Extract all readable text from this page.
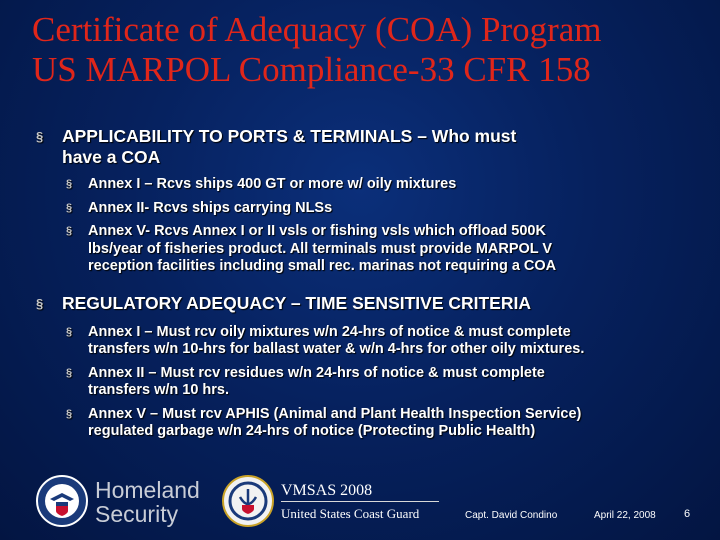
Certificate of Adequacy (COA) Program
US MARPOL Compliance-33 CFR 158
§ APPLICABILITY TO PORTS & TERMINALS – Who must
have a COA
§ Annex I – Rcvs ships 400 GT or more w/ oily mixtures
§ Annex II- Rcvs ships carrying NLSs
§ Annex V- Rcvs Annex I or II vsls or fishing vsls which offload 500K
lbs/year of fisheries product. All terminals must provide MARPOL V
reception facilities including small rec. marinas not requiring a COA
§ REGULATORY ADEQUACY – TIME SENSITIVE CRITERIA
§ Annex I – Must rcv oily mixtures w/n 24-hrs of notice & must complete
transfers w/n 10-hrs for ballast water & w/n 4-hrs for other oily mixtures.
§ Annex II – Must rcv residues w/n 24-hrs of notice & must complete
transfers w/n 10 hrs.
§ Annex V – Must rcv APHIS (Animal and Plant Health Inspection Service)
regulated garbage w/n 24-hrs of notice (Protecting Public Health)
Homeland
Security
VMSAS 2008
United States Coast Guard	Capt. David Condino	April 22, 2008	6
